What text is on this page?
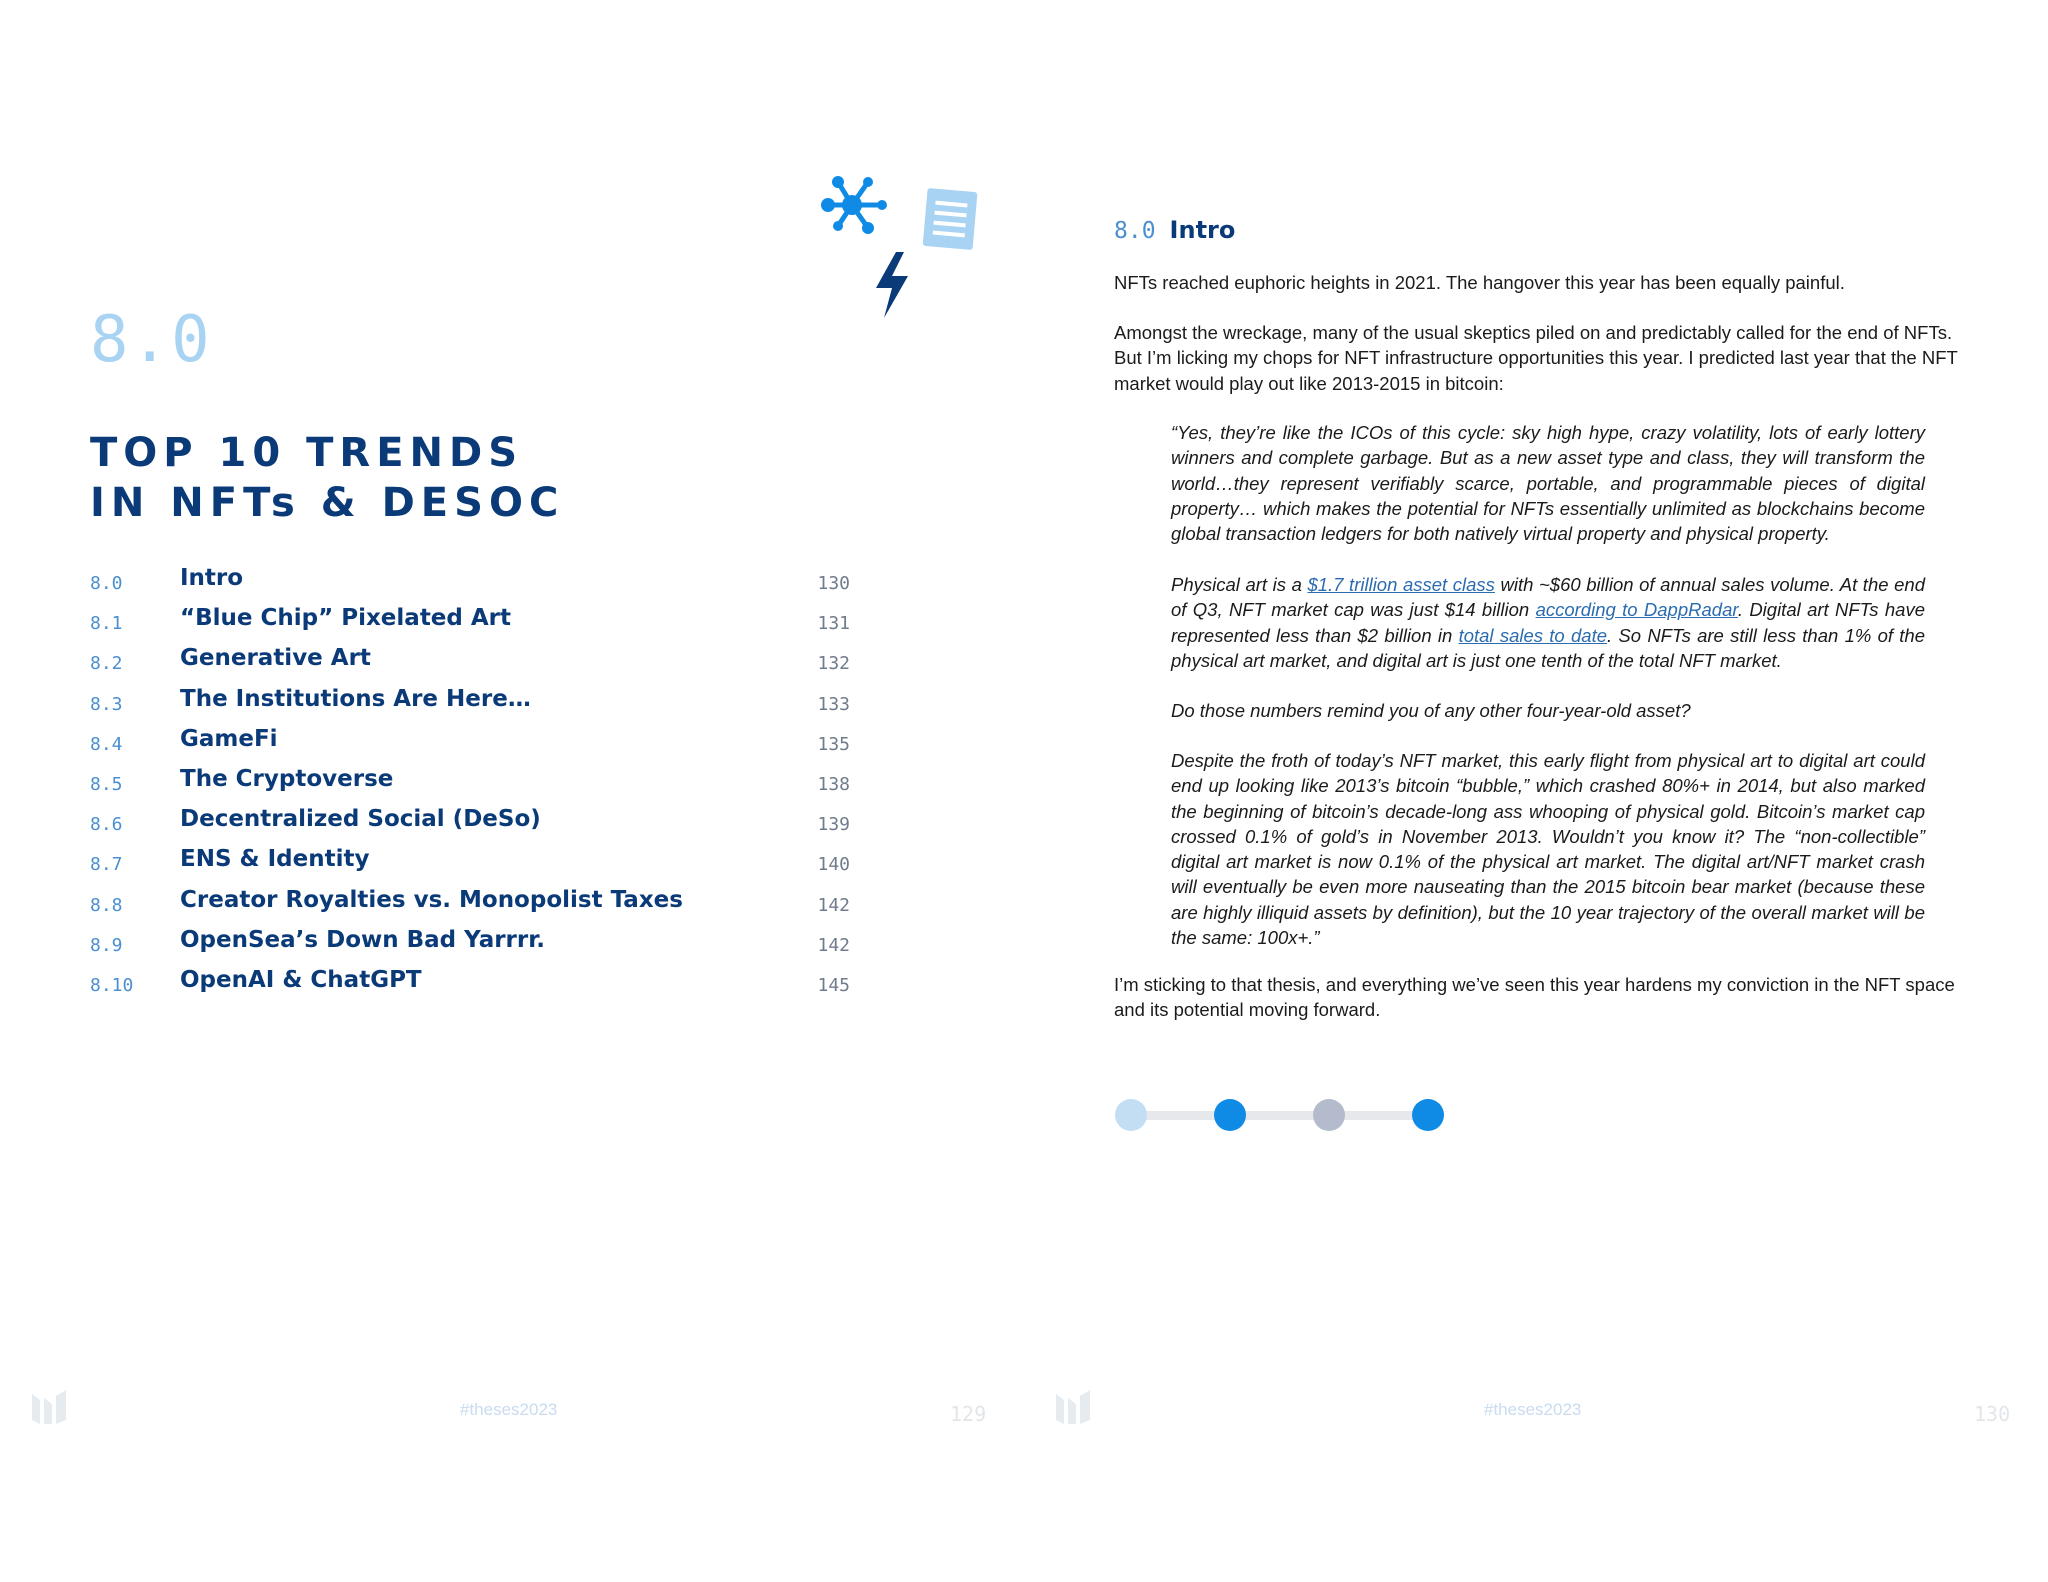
8.0
TOP 10 TRENDS
IN NFTs & DESOC
8.0 Intro	130
8.1 “Blue Chip” Pixelated Art	131
8.2 Generative Art	132
8.3 The Institutions Are Here…	133
8.4 GameFi	135
8.5 The Cryptoverse	138
8.6 Decentralized Social (DeSo)	139
8.7 ENS & Identity	140
8.8 Creator Royalties vs. Monopolist Taxes	142
8.9 OpenSea’s Down Bad Yarrrr.	142
8.10 OpenAI & ChatGPT	145
#theses2023	129
8.0 Intro
NFTs reached euphoric heights in 2021. The hangover this year has been equally painful.
Amongst the wreckage, many of the usual skeptics piled on and predictably called for the end of NFTs. But I’m licking my chops for NFT infrastructure opportunities this year. I predicted last year that the NFT market would play out like 2013-2015 in bitcoin:
“Yes, they’re like the ICOs of this cycle: sky high hype, crazy volatility, lots of early lottery winners and complete garbage. But as a new asset type and class, they will transform the world…they represent verifiably scarce, portable, and programmable pieces of digital property… which makes the potential for NFTs essentially unlimited as blockchains become global transaction ledgers for both natively virtual property and physical property.
Physical art is a $1.7 trillion asset class with ~$60 billion of annual sales volume. At the end of Q3, NFT market cap was just $14 billion according to DappRadar. Digital art NFTs have represented less than $2 billion in total sales to date. So NFTs are still less than 1% of the physical art market, and digital art is just one tenth of the total NFT market.
Do those numbers remind you of any other four-year-old asset?
Despite the froth of today’s NFT market, this early flight from physical art to digital art could end up looking like 2013’s bitcoin “bubble,” which crashed 80%+ in 2014, but also marked the beginning of bitcoin’s decade-long ass whooping of physical gold. Bitcoin’s market cap crossed 0.1% of gold’s in November 2013. Wouldn’t you know it? The “non-collectible” digital art market is now 0.1% of the physical art market. The digital art/NFT market crash will eventually be even more nauseating than the 2015 bitcoin bear market (because these are highly illiquid assets by definition), but the 10 year trajectory of the overall market will be the same: 100x+.”
I’m sticking to that thesis, and everything we’ve seen this year hardens my conviction in the NFT space and its potential moving forward.
#theses2023	130
